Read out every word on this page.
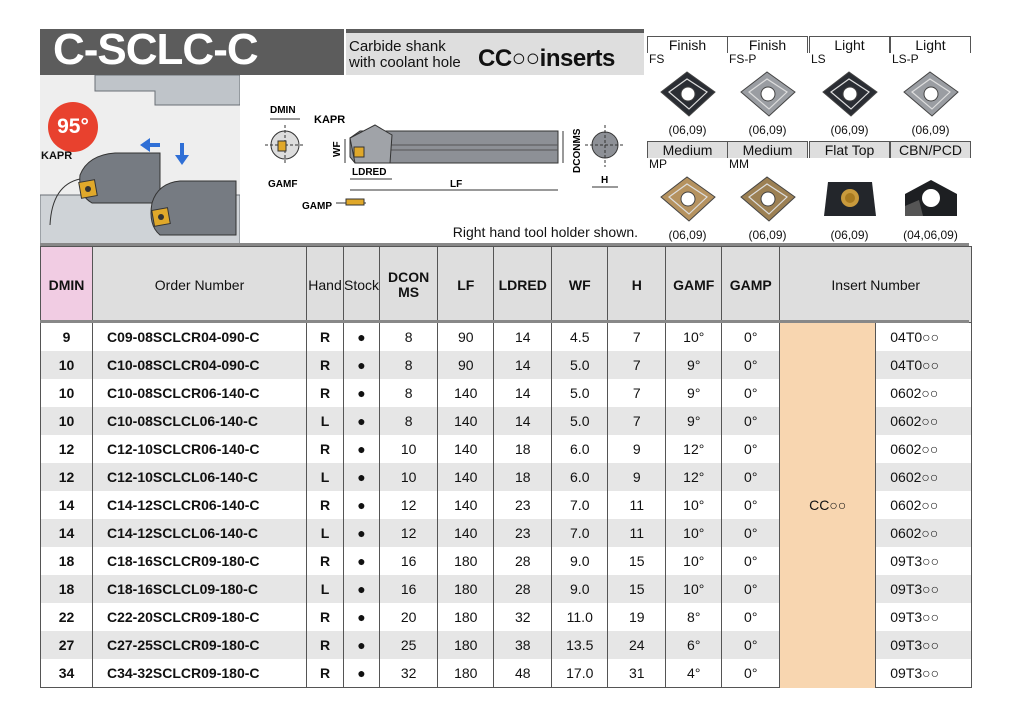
C-SCLC-C	Carbide shank
with coolant hole CC○○inserts
95°
KAPR
DMIN
KAPR
WF
GAMF
GAMP
LDRED
LF
DCONMS
H
Right hand tool holder shown.
Finish
FS
(06,09)
Finish
FS-P
(06,09)
Light
LS
(06,09)
Light
LS-P
(06,09)
Medium
MP
(06,09)
Medium
MM
(06,09)
Flat Top
(06,09)
CBN/PCD
(04,06,09)
DMIN	Order Number	Hand	Stock	DCON MS	LF	LDRED	WF	H	GAMF	GAMP	Insert Number	
9	C09-08SCLCR04-090-C	R	●	8	90	14	4.5	7	10°	0°	CC○○	04T0○○
10	C10-08SCLCR04-090-C	R	●	8	90	14	5.0	7	9°	0°		04T0○○
10	C10-08SCLCR06-140-C	R	●	8	140	14	5.0	7	9°	0°		0602○○
10	C10-08SCLCL06-140-C	L	●	8	140	14	5.0	7	9°	0°		0602○○
12	C12-10SCLCR06-140-C	R	●	10	140	18	6.0	9	12°	0°		0602○○
12	C12-10SCLCL06-140-C	L	●	10	140	18	6.0	9	12°	0°		0602○○
14	C14-12SCLCR06-140-C	R	●	12	140	23	7.0	11	10°	0°		0602○○
14	C14-12SCLCL06-140-C	L	●	12	140	23	7.0	11	10°	0°		0602○○
18	C18-16SCLCR09-180-C	R	●	16	180	28	9.0	15	10°	0°		09T3○○
18	C18-16SCLCL09-180-C	L	●	16	180	28	9.0	15	10°	0°		09T3○○
22	C22-20SCLCR09-180-C	R	●	20	180	32	11.0	19	8°	0°		09T3○○
27	C27-25SCLCR09-180-C	R	●	25	180	38	13.5	24	6°	0°		09T3○○
34	C34-32SCLCR09-180-C	R	●	32	180	48	17.0	31	4°	0°		09T3○○
